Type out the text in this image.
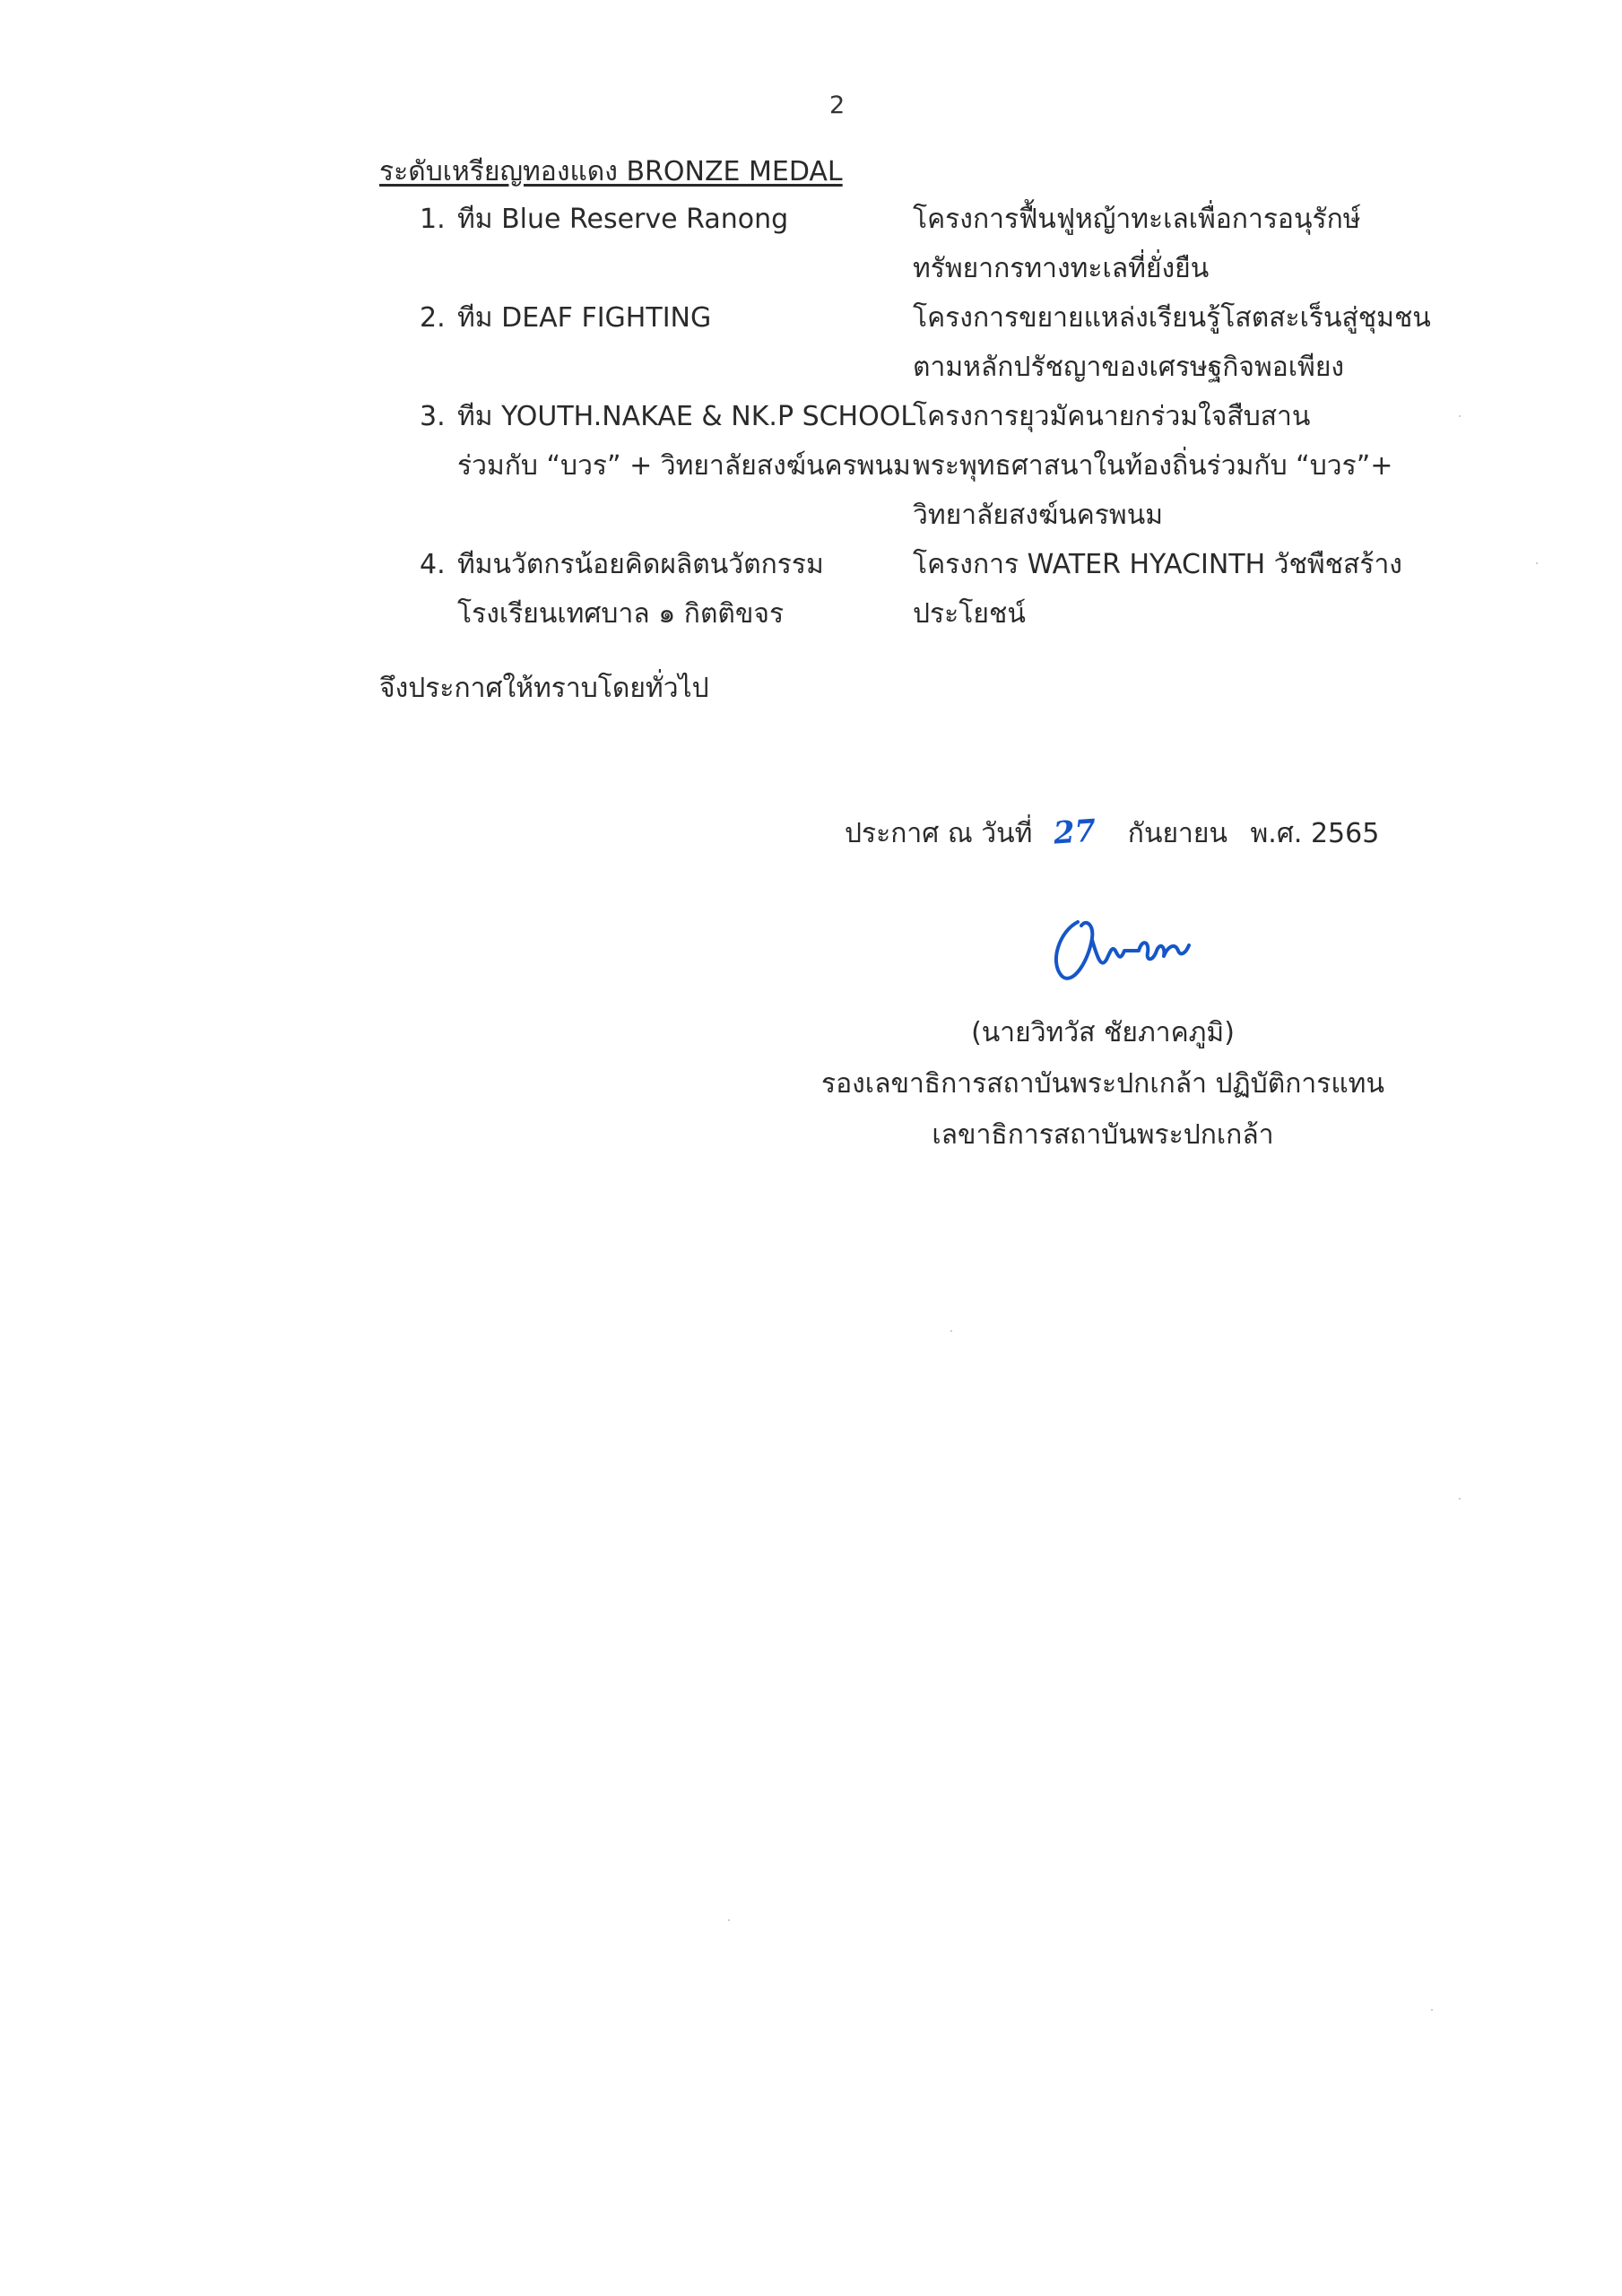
2
ระดับเหรียญทองแดง BRONZE MEDAL
1. ทีม Blue Reserve Ranong	โครงการฟื้นฟูหญ้าทะเลเพื่อการอนุรักษ์
ทรัพยากรทางทะเลที่ยั่งยืน
2. ทีม DEAF FIGHTING	โครงการขยายแหล่งเรียนรู้โสตสะเร็นสู่ชุมชน
ตามหลักปรัชญาของเศรษฐกิจพอเพียง
3. ทีม YOUTH.NAKAE & NK.P SCHOOL
ร่วมกับ “บวร” + วิทยาลัยสงฆ์นครพนม
โครงการยุวมัคนายกร่วมใจสืบสาน
พระพุทธศาสนาในท้องถิ่นร่วมกับ “บวร”+
วิทยาลัยสงฆ์นครพนม
4. ทีมนวัตกรน้อยคิดผลิตนวัตกรรม
โรงเรียนเทศบาล ๑ กิตติขจร
โครงการ WATER HYACINTH วัชพืชสร้าง
ประโยชน์
จึงประกาศให้ทราบโดยทั่วไป
ประกาศ ณ วันที่ 27 กันยายน พ.ศ. 2565
(นายวิทวัส ชัยภาคภูมิ)
รองเลขาธิการสถาบันพระปกเกล้า ปฏิบัติการแทน
เลขาธิการสถาบันพระปกเกล้า
